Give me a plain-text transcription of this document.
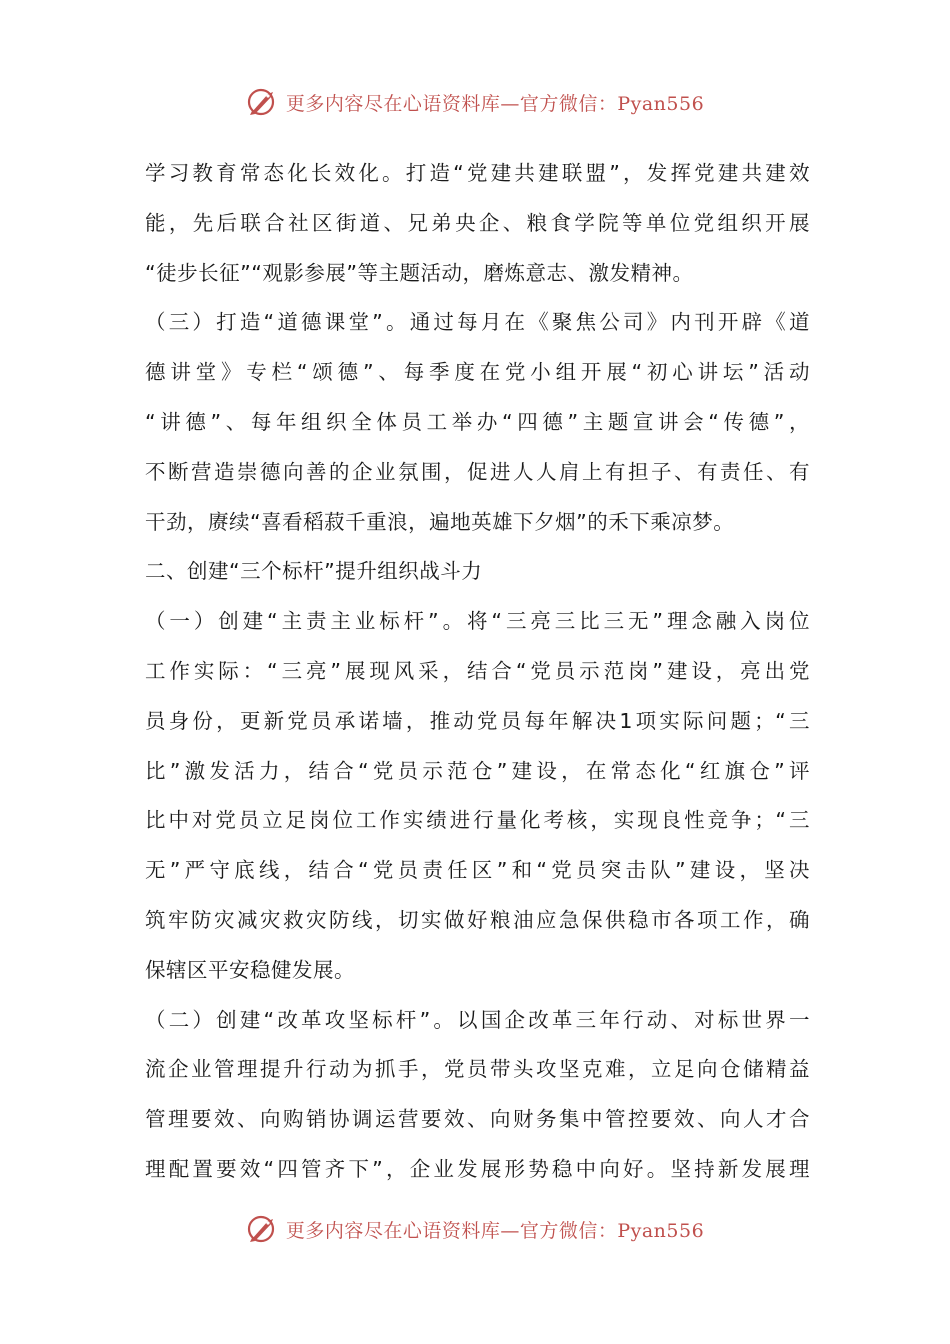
更多内容尽在心语资料库—官方微信：Pyan556
学习教育常态化长效化。打造“党建共建联盟”，发挥党建共建效
能，先后联合社区街道、兄弟央企、粮食学院等单位党组织开展
“徒步长征”“观影参展”等主题活动，磨炼意志、激发精神。
（三）打造“道德课堂”。通过每月在《聚焦公司》内刊开辟《道
德讲堂》专栏“颂德”、每季度在党小组开展“初心讲坛”活动
“讲德”、每年组织全体员工举办“四德”主题宣讲会“传德”，
不断营造崇德向善的企业氛围，促进人人肩上有担子、有责任、有
干劲，赓续“喜看稻菽千重浪，遍地英雄下夕烟”的禾下乘凉梦。
二、创建“三个标杆”提升组织战斗力
（一）创建“主责主业标杆”。将“三亮三比三无”理念融入岗位
工作实际：“三亮”展现风采，结合“党员示范岗”建设，亮出党
员身份，更新党员承诺墙，推动党员每年解决1项实际问题；“三
比”激发活力，结合“党员示范仓”建设，在常态化“红旗仓”评
比中对党员立足岗位工作实绩进行量化考核，实现良性竞争；“三
无”严守底线，结合“党员责任区”和“党员突击队”建设，坚决
筑牢防灾减灾救灾防线，切实做好粮油应急保供稳市各项工作，确
保辖区平安稳健发展。
（二）创建“改革攻坚标杆”。以国企改革三年行动、对标世界一
流企业管理提升行动为抓手，党员带头攻坚克难，立足向仓储精益
管理要效、向购销协调运营要效、向财务集中管控要效、向人才合
理配置要效“四管齐下”，企业发展形势稳中向好。坚持新发展理
更多内容尽在心语资料库—官方微信：Pyan556
